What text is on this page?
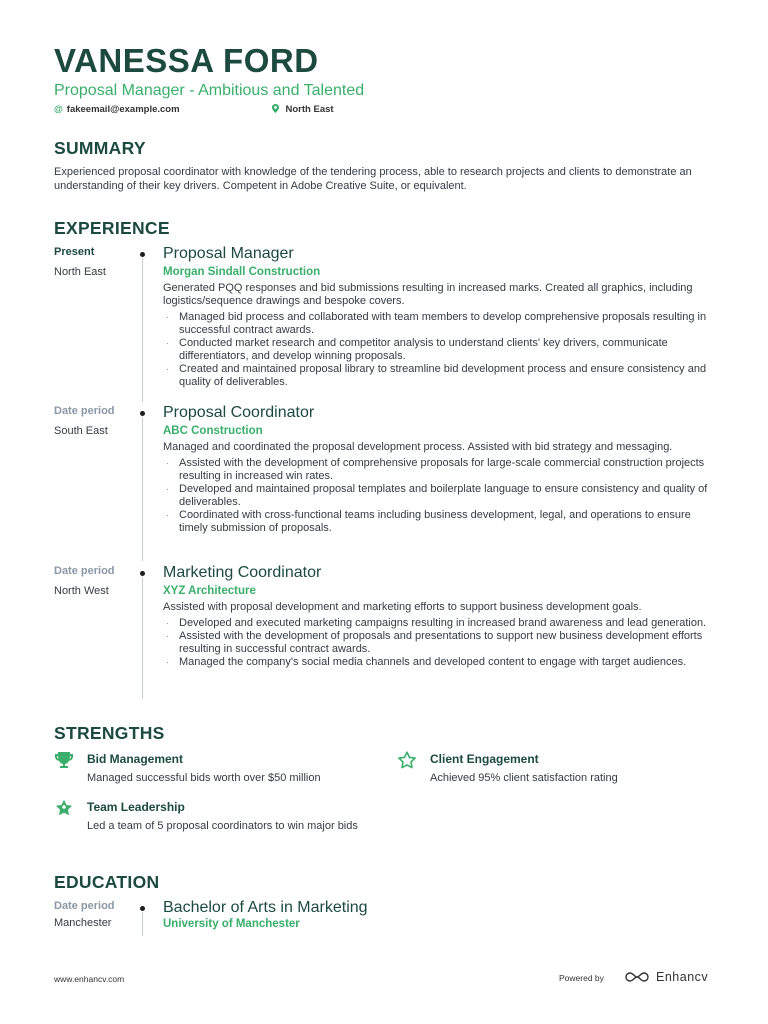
VANESSA FORD
Proposal Manager - Ambitious and Talented
@ fakeemail@example.com	North East
SUMMARY
Experienced proposal coordinator with knowledge of the tendering process, able to research projects and clients to demonstrate an understanding of their key drivers. Competent in Adobe Creative Suite, or equivalent.
EXPERIENCE
Present
North East
Proposal Manager
Morgan Sindall Construction
Generated PQQ responses and bid submissions resulting in increased marks. Created all graphics, including logistics/sequence drawings and bespoke covers.
· Managed bid process and collaborated with team members to develop comprehensive proposals resulting in successful contract awards.
· Conducted market research and competitor analysis to understand clients' key drivers, communicate differentiators, and develop winning proposals.
· Created and maintained proposal library to streamline bid development process and ensure consistency and quality of deliverables.
Date period
South East
Proposal Coordinator
ABC Construction
Managed and coordinated the proposal development process. Assisted with bid strategy and messaging.
· Assisted with the development of comprehensive proposals for large-scale commercial construction projects resulting in increased win rates.
· Developed and maintained proposal templates and boilerplate language to ensure consistency and quality of deliverables.
· Coordinated with cross-functional teams including business development, legal, and operations to ensure timely submission of proposals.
Date period
North West
Marketing Coordinator
XYZ Architecture
Assisted with proposal development and marketing efforts to support business development goals.
· Developed and executed marketing campaigns resulting in increased brand awareness and lead generation.
· Assisted with the development of proposals and presentations to support new business development efforts resulting in successful contract awards.
· Managed the company's social media channels and developed content to engage with target audiences.
STRENGTHS
Bid Management
Managed successful bids worth over $50 million
Client Engagement
Achieved 95% client satisfaction rating
Team Leadership
Led a team of 5 proposal coordinators to win major bids
EDUCATION
Date period
Manchester
Bachelor of Arts in Marketing
University of Manchester
www.enhancv.com	Powered by	Enhancv
